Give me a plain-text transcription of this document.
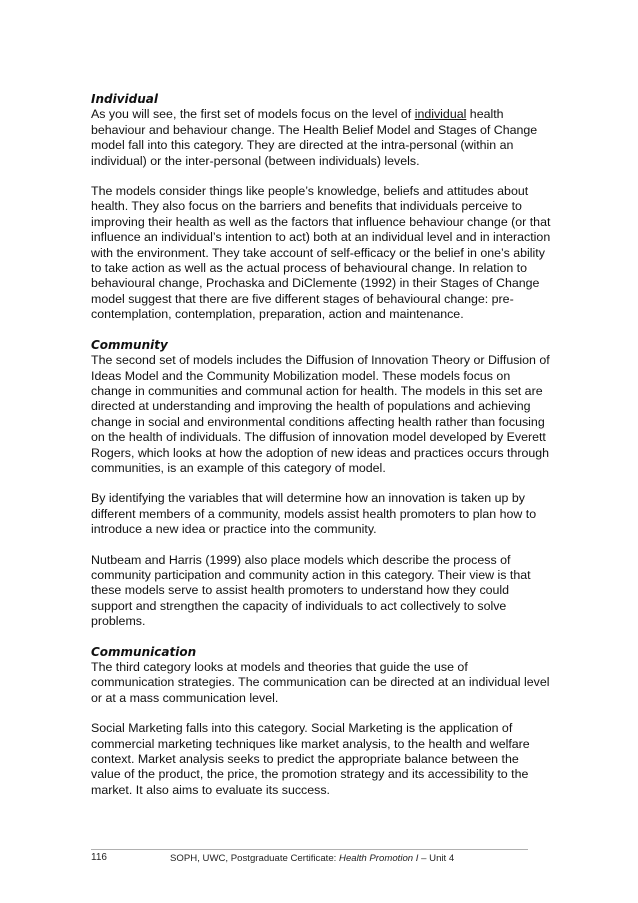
Individual

As you will see, the first set of models focus on the level of individual health behaviour and behaviour change. The Health Belief Model and Stages of Change model fall into this category. They are directed at the intra-personal (within an individual) or the inter-personal (between individuals) levels.

The models consider things like people’s knowledge, beliefs and attitudes about health. They also focus on the barriers and benefits that individuals perceive to improving their health as well as the factors that influence behaviour change (or that influence an individual’s intention to act) both at an individual level and in interaction with the environment. They take account of self-efficacy or the belief in one’s ability to take action as well as the actual process of behavioural change. In relation to behavioural change, Prochaska and DiClemente (1992) in their Stages of Change model suggest that there are five different stages of behavioural change: pre-contemplation, contemplation, preparation, action and maintenance.

Community

The second set of models includes the Diffusion of Innovation Theory or Diffusion of Ideas Model and the Community Mobilization model. These models focus on change in communities and communal action for health. The models in this set are directed at understanding and improving the health of populations and achieving change in social and environmental conditions affecting health rather than focusing on the health of individuals. The diffusion of innovation model developed by Everett Rogers, which looks at how the adoption of new ideas and practices occurs through communities, is an example of this category of model.

By identifying the variables that will determine how an innovation is taken up by different members of a community, models assist health promoters to plan how to introduce a new idea or practice into the community.

Nutbeam and Harris (1999) also place models which describe the process of community participation and community action in this category. Their view is that these models serve to assist health promoters to understand how they could support and strengthen the capacity of individuals to act collectively to solve problems.

Communication

The third category looks at models and theories that guide the use of communication strategies. The communication can be directed at an individual level or at a mass communication level.

Social Marketing falls into this category. Social Marketing is the application of commercial marketing techniques like market analysis, to the health and welfare context. Market analysis seeks to predict the appropriate balance between the value of the product, the price, the promotion strategy and its accessibility to the market. It also aims to evaluate its success.

116	SOPH, UWC, Postgraduate Certificate: Health Promotion I – Unit 4
